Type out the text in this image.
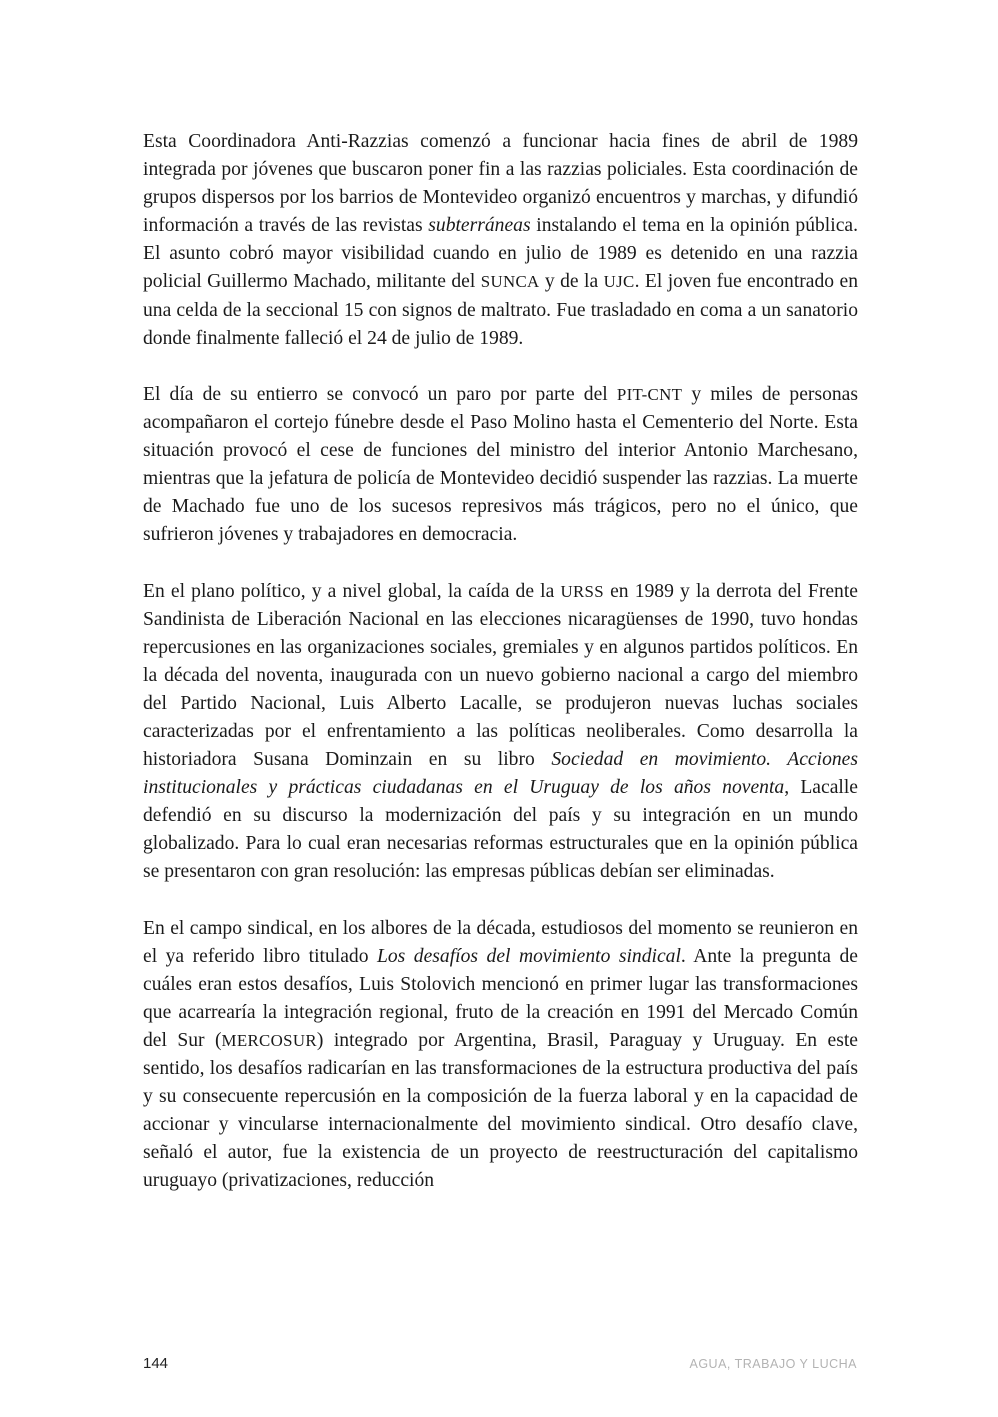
Esta Coordinadora Anti-Razzias comenzó a funcionar hacia fines de abril de 1989 integrada por jóvenes que buscaron poner fin a las razzias policiales. Esta coordinación de grupos dispersos por los barrios de Montevideo organizó encuentros y marchas, y difundió información a través de las revistas subterráneas instalando el tema en la opinión pública. El asunto cobró mayor visibilidad cuando en julio de 1989 es detenido en una razzia policial Guillermo Machado, militante del SUNCA y de la UJC. El joven fue encontrado en una celda de la seccional 15 con signos de maltrato. Fue trasladado en coma a un sanatorio donde finalmente falleció el 24 de julio de 1989.

El día de su entierro se convocó un paro por parte del PIT-CNT y miles de personas acompañaron el cortejo fúnebre desde el Paso Molino hasta el Cementerio del Norte. Esta situación provocó el cese de funciones del ministro del interior Antonio Marchesano, mientras que la jefatura de policía de Montevideo decidió suspender las razzias. La muerte de Machado fue uno de los sucesos represivos más trágicos, pero no el único, que sufrieron jóvenes y trabajadores en democracia.

En el plano político, y a nivel global, la caída de la URSS en 1989 y la derrota del Frente Sandinista de Liberación Nacional en las elecciones nicaragüenses de 1990, tuvo hondas repercusiones en las organizaciones sociales, gremiales y en algunos partidos políticos. En la década del noventa, inaugurada con un nuevo gobierno nacional a cargo del miembro del Partido Nacional, Luis Alberto Lacalle, se produjeron nuevas luchas sociales caracterizadas por el enfrentamiento a las políticas neoliberales. Como desarrolla la historiadora Susana Dominzain en su libro Sociedad en movimiento. Acciones institucionales y prácticas ciudadanas en el Uruguay de los años noventa, Lacalle defendió en su discurso la modernización del país y su integración en un mundo globalizado. Para lo cual eran necesarias reformas estructurales que en la opinión pública se presentaron con gran resolución: las empresas públicas debían ser eliminadas.

En el campo sindical, en los albores de la década, estudiosos del momento se reunieron en el ya referido libro titulado Los desafíos del movimiento sindical. Ante la pregunta de cuáles eran estos desafíos, Luis Stolovich mencionó en primer lugar las transformaciones que acarrearía la integración regional, fruto de la creación en 1991 del Mercado Común del Sur (MERCOSUR) integrado por Argentina, Brasil, Paraguay y Uruguay. En este sentido, los desafíos radicarían en las transformaciones de la estructura productiva del país y su consecuente repercusión en la composición de la fuerza laboral y en la capacidad de accionar y vincularse internacionalmente del movimiento sindical. Otro desafío clave, señaló el autor, fue la existencia de un proyecto de reestructuración del capitalismo uruguayo (privatizaciones, reducción

144	AGUA, TRABAJO Y LUCHA
